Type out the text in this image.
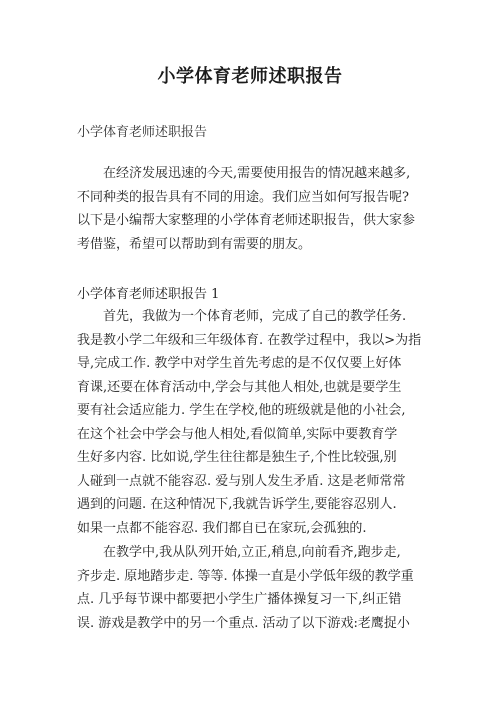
小学体育老师述职报告
小学体育老师述职报告
在经济发展迅速的今天,需要使用报告的情况越来越多,
不同种类的报告具有不同的用途。我们应当如何写报告呢?
以下是小编帮大家整理的小学体育老师述职报告，供大家参
考借鉴，希望可以帮助到有需要的朋友。
小学体育老师述职报告 1
首先，我做为一个体育老师，完成了自己的教学任务.
我是教小学二年级和三年级体育. 在教学过程中，我以>为指
导,完成工作. 教学中对学生首先考虑的是不仅仅要上好体
育课,还要在体育活动中,学会与其他人相处,也就是要学生
要有社会适应能力. 学生在学校,他的班级就是他的小社会,
在这个社会中学会与他人相处,看似简单,实际中要教育学
生好多内容. 比如说,学生往往都是独生子,个性比较强,别
人碰到一点就不能容忍. 爱与别人发生矛盾. 这是老师常常
遇到的问题. 在这种情况下,我就告诉学生,要能容忍别人.
如果一点都不能容忍. 我们都自已在家玩,会孤独的.
在教学中,我从队列开始,立正,稍息,向前看齐,跑步走,
齐步走. 原地踏步走. 等等. 体操一直是小学低年级的教学重
点. 几乎每节课中都要把小学生广播体操复习一下,纠正错
误. 游戏是教学中的另一个重点. 活动了以下游戏:老鹰捉小
